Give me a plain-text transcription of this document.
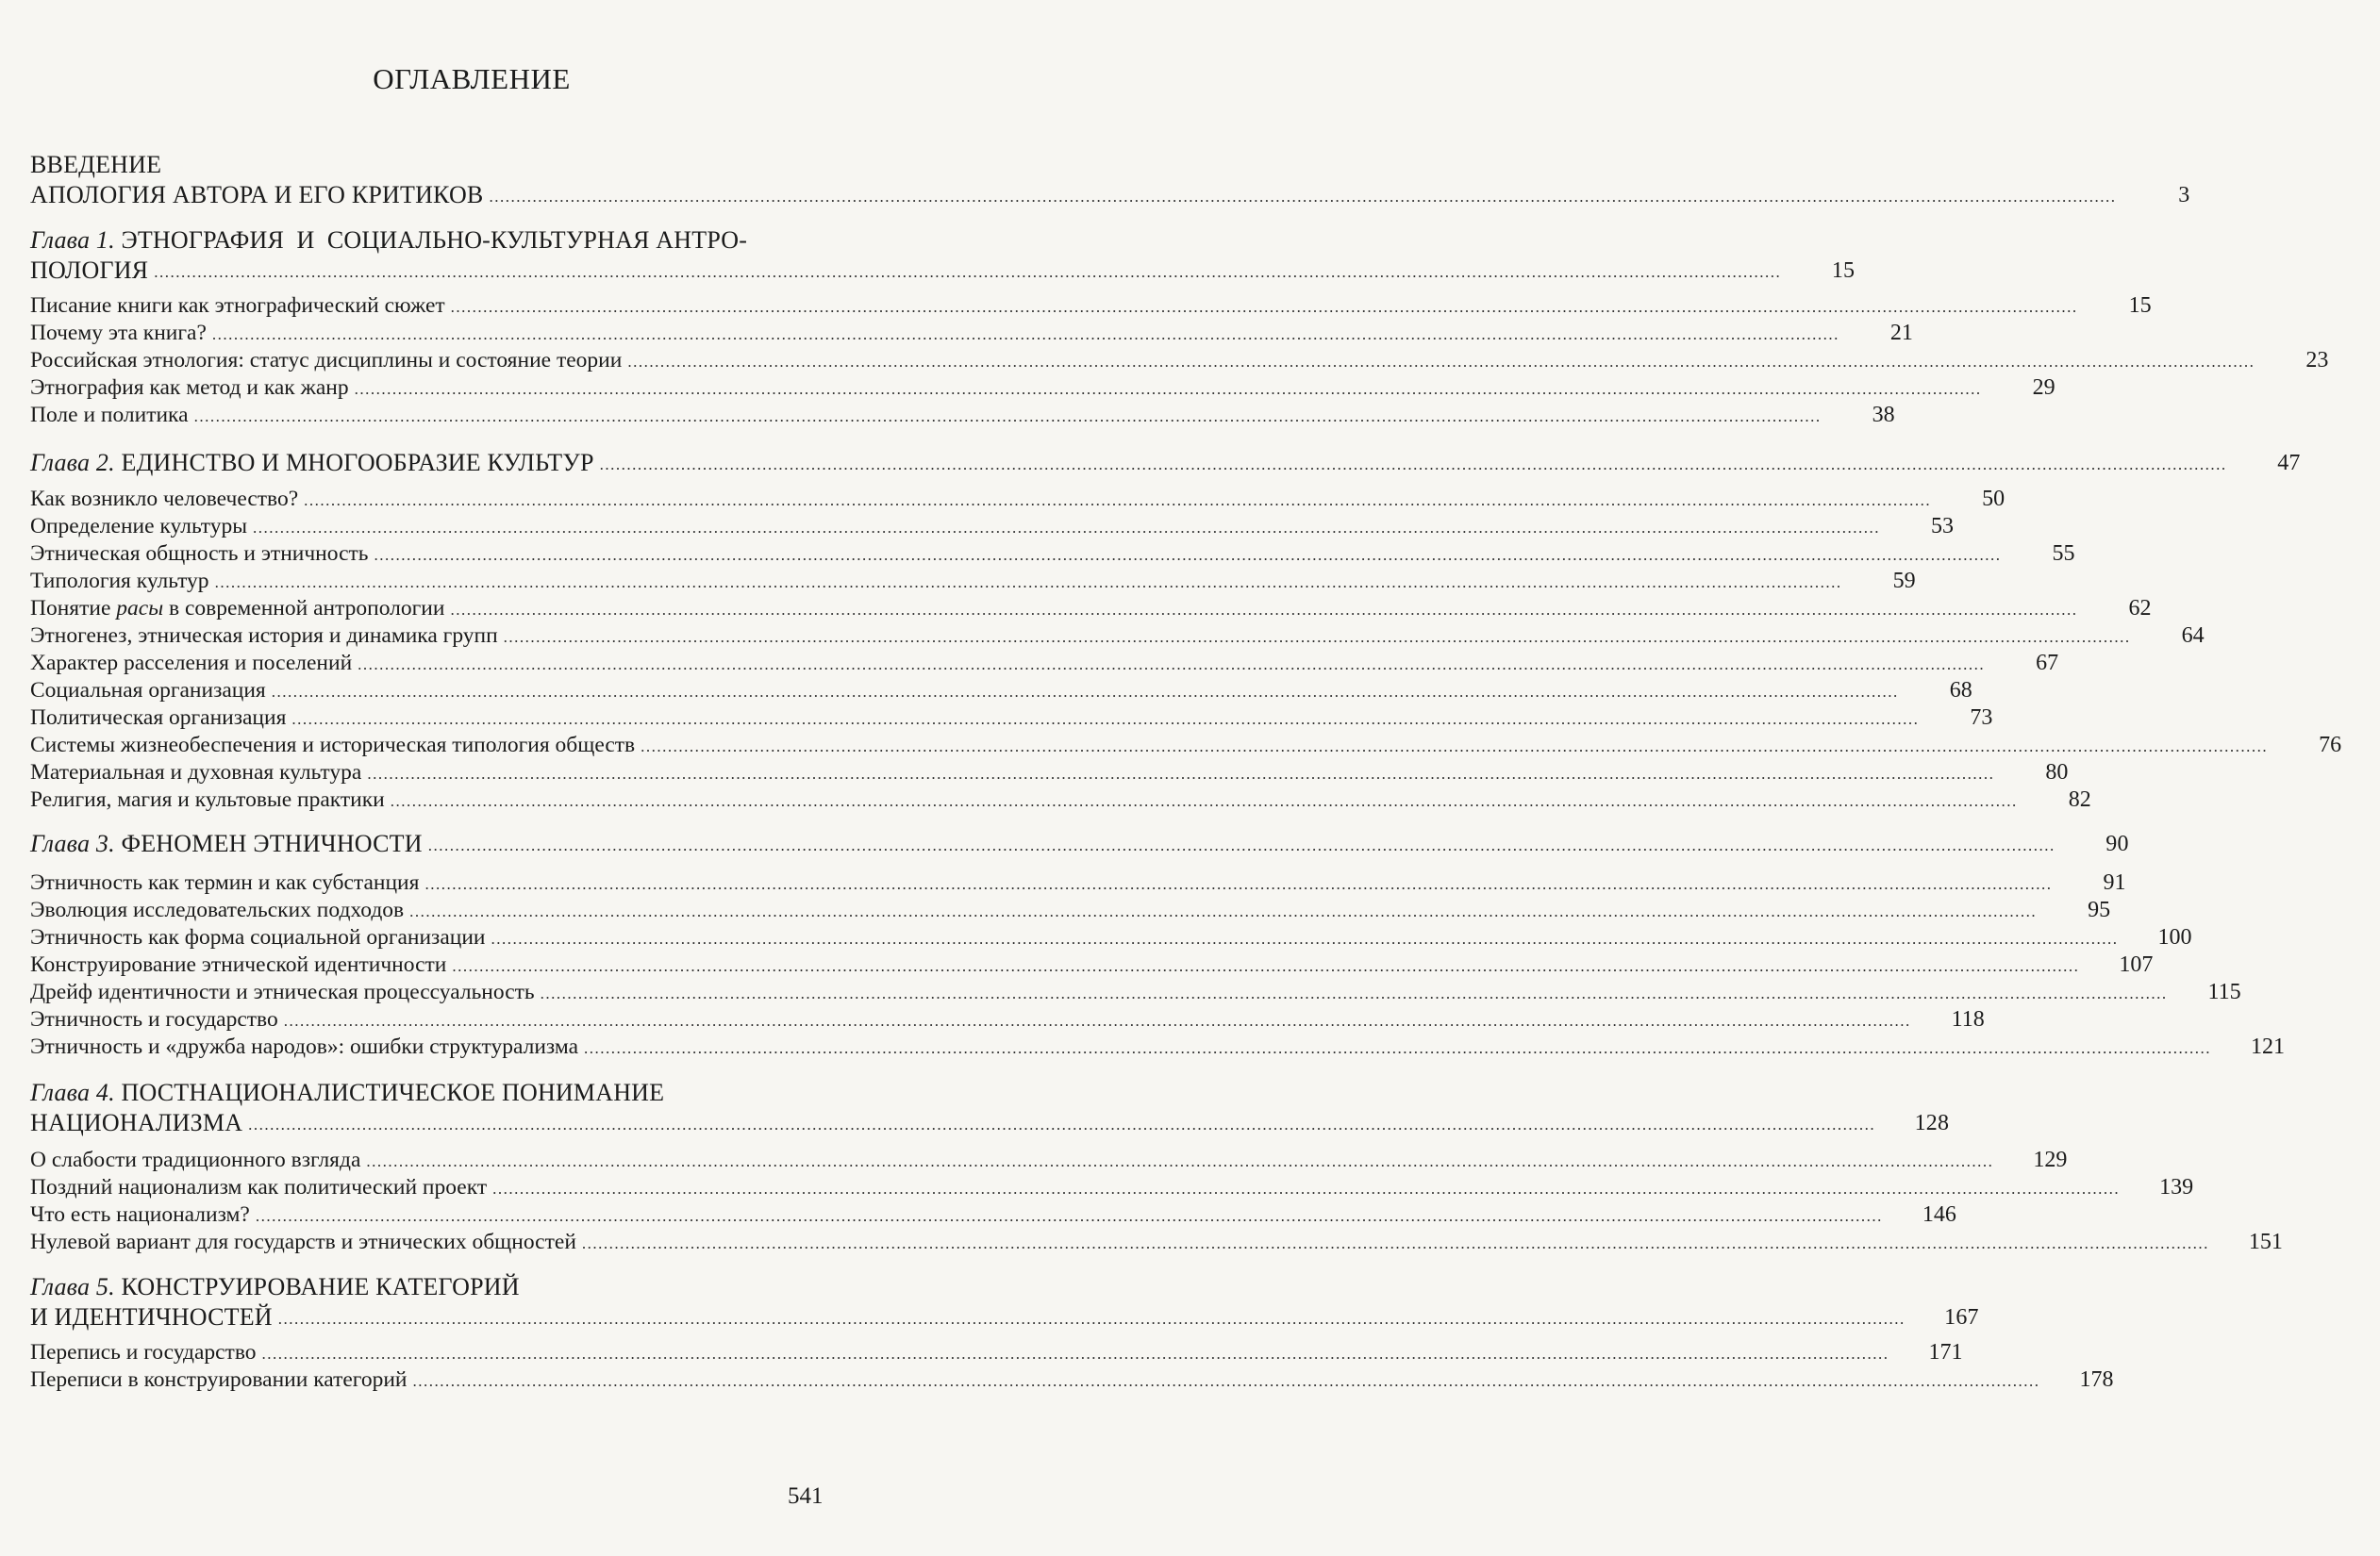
ОГЛАВЛЕНИЕ
ВВЕДЕНИЕ
АПОЛОГИЯ АВТОРА И ЕГО КРИТИКОВ ............................................................................................................................................................................................................................................................................................................	3
Глава 1. ЭТНОГРАФИЯ  И  СОЦИАЛЬНО-КУЛЬТУРНАЯ АНТРО-
ПОЛОГИЯ ............................................................................................................................................................................................................................................................................................................	15
Писание книги как этнографический сюжет ............................................................................................................................................................................................................................................................................................................	15
Почему эта книга? ............................................................................................................................................................................................................................................................................................................	21
Российская этнология: статус дисциплины и состояние теории ............................................................................................................................................................................................................................................................................................................	23
Этнография как метод и как жанр ............................................................................................................................................................................................................................................................................................................	29
Поле и политика ............................................................................................................................................................................................................................................................................................................	38
Глава 2. ЕДИНСТВО И МНОГООБРАЗИЕ КУЛЬТУР ............................................................................................................................................................................................................................................................................................................	47
Как возникло человечество? ............................................................................................................................................................................................................................................................................................................	50
Определение культуры ............................................................................................................................................................................................................................................................................................................	53
Этническая общность и этничность ............................................................................................................................................................................................................................................................................................................	55
Типология культур ............................................................................................................................................................................................................................................................................................................	59
Понятие расы в современной антропологии ............................................................................................................................................................................................................................................................................................................	62
Этногенез, этническая история и динамика групп ............................................................................................................................................................................................................................................................................................................	64
Характер расселения и поселений ............................................................................................................................................................................................................................................................................................................	67
Социальная организация ............................................................................................................................................................................................................................................................................................................	68
Политическая организация ............................................................................................................................................................................................................................................................................................................	73
Системы жизнеобеспечения и историческая типология обществ ............................................................................................................................................................................................................................................................................................................	76
Материальная и духовная культура ............................................................................................................................................................................................................................................................................................................	80
Религия, магия и культовые практики ............................................................................................................................................................................................................................................................................................................	82
Глава 3. ФЕНОМЕН ЭТНИЧНОСТИ ............................................................................................................................................................................................................................................................................................................	90
Этничность как термин и как субстанция ............................................................................................................................................................................................................................................................................................................	91
Эволюция исследовательских подходов ............................................................................................................................................................................................................................................................................................................	95
Этничность как форма социальной организации ............................................................................................................................................................................................................................................................................................................	100
Конструирование этнической идентичности ............................................................................................................................................................................................................................................................................................................	107
Дрейф идентичности и этническая процессуальность ............................................................................................................................................................................................................................................................................................................	115
Этничность и государство ............................................................................................................................................................................................................................................................................................................	118
Этничность и «дружба народов»: ошибки структурализма ............................................................................................................................................................................................................................................................................................................	121
Глава 4. ПОСТНАЦИОНАЛИСТИЧЕСКОЕ ПОНИМАНИЕ
НАЦИОНАЛИЗМА ............................................................................................................................................................................................................................................................................................................	128
О слабости традиционного взгляда ............................................................................................................................................................................................................................................................................................................	129
Поздний национализм как политический проект ............................................................................................................................................................................................................................................................................................................	139
Что есть национализм? ............................................................................................................................................................................................................................................................................................................	146
Нулевой вариант для государств и этнических общностей ............................................................................................................................................................................................................................................................................................................	151
Глава 5. КОНСТРУИРОВАНИЕ КАТЕГОРИЙ
И ИДЕНТИЧНОСТЕЙ ............................................................................................................................................................................................................................................................................................................	167
Перепись и государство ............................................................................................................................................................................................................................................................................................................	171
Переписи в конструировании категорий ............................................................................................................................................................................................................................................................................................................	178
541
